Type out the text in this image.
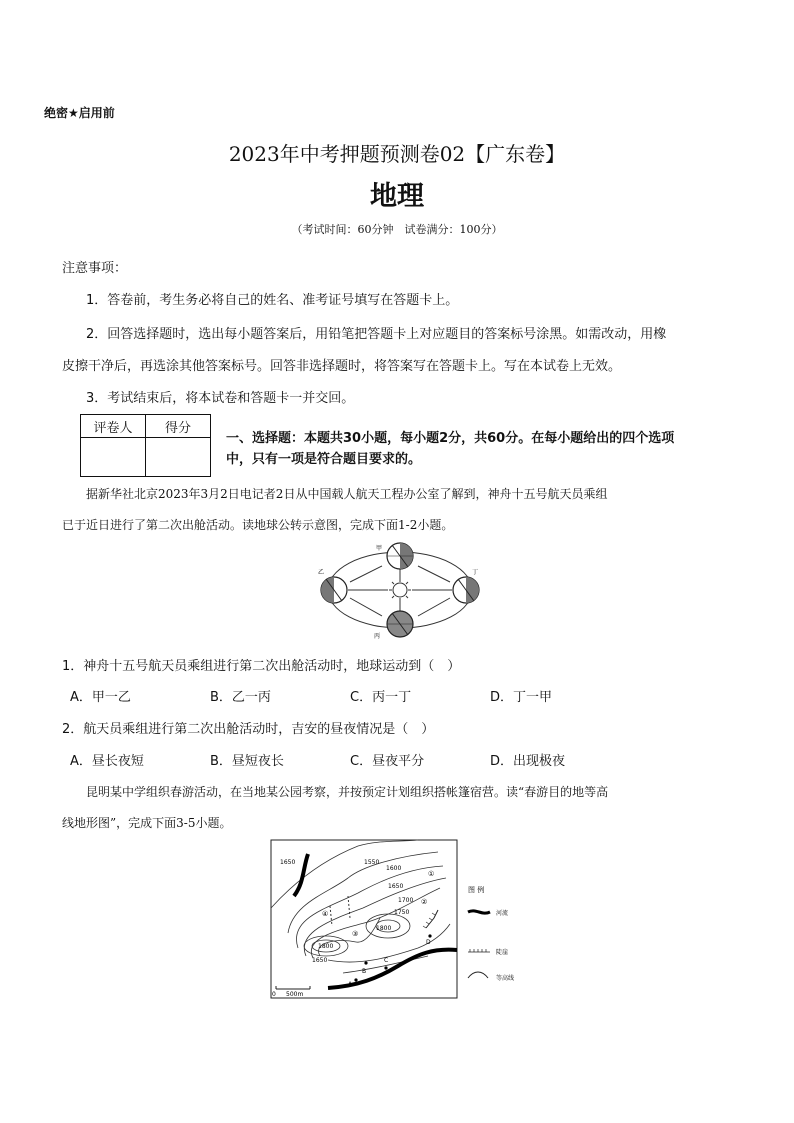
绝密★启用前
2023年中考押题预测卷02【广东卷】
地理
（考试时间：60分钟　试卷满分：100分）
注意事项：
1．答卷前，考生务必将自己的姓名、准考证号填写在答题卡上。
2．回答选择题时，选出每小题答案后，用铅笔把答题卡上对应题目的答案标号涂黑。如需改动，用橡
皮擦干净后，再选涂其他答案标号。回答非选择题时，将答案写在答题卡上。写在本试卷上无效。
3．考试结束后，将本试卷和答题卡一并交回。
评卷人	得分

一、选择题：本题共30小题，每小题2分，共60分。在每小题给出的四个选项
中，只有一项是符合题目要求的。
据新华社北京2023年3月2日电记者2日从中国载人航天工程办公室了解到，神舟十五号航天员乘组
已于近日进行了第二次出舱活动。读地球公转示意图，完成下面1-2小题。
甲
乙	丁
丙
1．神舟十五号航天员乘组进行第二次出舱活动时，地球运动到（　）
A．甲一乙	B．乙一丙	C．丙一丁	D．丁一甲
2．航天员乘组进行第二次出舱活动时，吉安的昼夜情况是（　）
A．昼长夜短	B．昼短夜长	C．昼夜平分	D．出现极夜
昆明某中学组织春游活动，在当地某公园考察，并按预定计划组织搭帐篷宿营。读“春游目的地等高
线地形图”，完成下面3-5小题。
1650	1550
1600
1650
1700
1750
1800
1800
1650
①
②
③
④
A
B
C
D
0 500m
图 例
河流
陡崖
等高线
